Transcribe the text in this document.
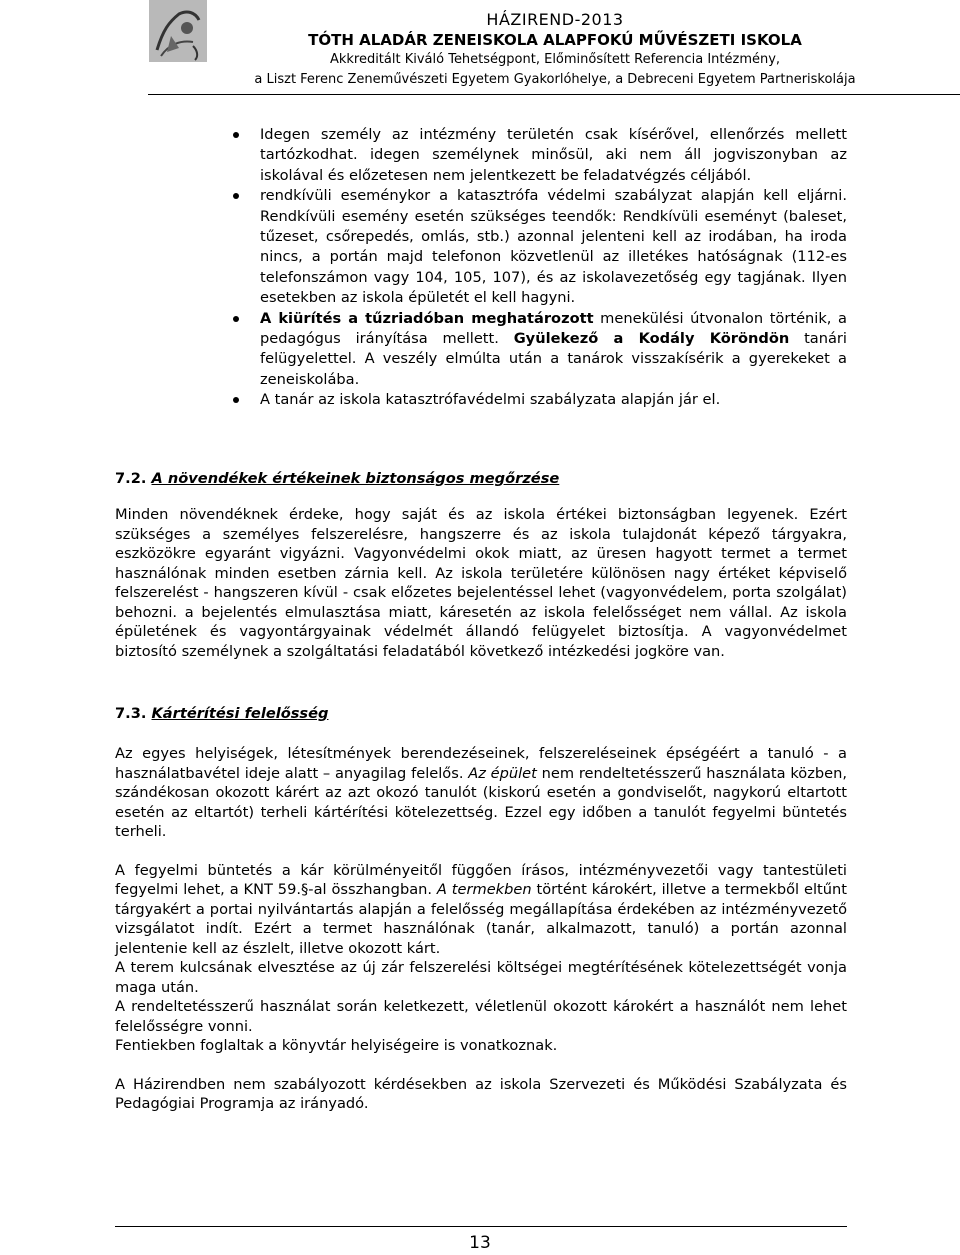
HÁZIREND-2013
TÓTH ALADÁR ZENEISKOLA ALAPFOKÚ MŰVÉSZETI ISKOLA
Akkreditált Kiváló Tehetségpont, Előminősített Referencia Intézmény,
a Liszt Ferenc Zeneművészeti Egyetem Gyakorlóhelye, a Debreceni Egyetem Partneriskolája
Idegen személy az intézmény területén csak kísérővel, ellenőrzés mellett tartózkodhat. idegen személynek minősül, aki nem áll jogviszonyban az iskolával és előzetesen nem jelentkezett be feladatvégzés céljából.
rendkívüli eseménykor a katasztrófa védelmi szabályzat alapján kell eljárni. Rendkívüli esemény esetén szükséges teendők: Rendkívüli eseményt (baleset, tűzeset, csőrepedés, omlás, stb.) azonnal jelenteni kell az irodában, ha iroda nincs, a portán majd telefonon közvetlenül az illetékes hatóságnak (112-es telefonszámon vagy 104, 105, 107), és az iskolavezetőség egy tagjának. Ilyen esetekben az iskola épületét el kell hagyni.
A kiürítés a tűzriadóban meghatározott menekülési útvonalon történik, a pedagógus irányítása mellett. Gyülekező a Kodály Köröndön tanári felügyelettel. A veszély elmúlta után a tanárok visszakísérik a gyerekeket a zeneiskolába.
A tanár az iskola katasztrófavédelmi szabályzata alapján jár el.
7.2. A növendékek értékeinek biztonságos megőrzése

Minden növendéknek érdeke, hogy saját és az iskola értékei biztonságban legyenek. Ezért szükséges a személyes felszerelésre, hangszerre és az iskola tulajdonát képező tárgyakra, eszközökre egyaránt vigyázni. Vagyonvédelmi okok miatt, az üresen hagyott termet a termet használónak minden esetben zárnia kell. Az iskola területére különösen nagy értéket képviselő felszerelést - hangszeren kívül - csak előzetes bejelentéssel lehet (vagyonvédelem, porta szolgálat) behozni. a bejelentés elmulasztása miatt, káresetén az iskola felelősséget nem vállal. Az iskola épületének és vagyontárgyainak védelmét állandó felügyelet biztosítja. A vagyonvédelmet biztosító személynek a szolgáltatási feladatából következő intézkedési jogköre van.

7.3. Kártérítési felelősség

Az egyes helyiségek, létesítmények berendezéseinek, felszereléseinek épségéért a tanuló - a használatbavétel ideje alatt – anyagilag felelős. Az épület nem rendeltetésszerű használata közben, szándékosan okozott kárért az azt okozó tanulót (kiskorú esetén a gondviselőt, nagykorú eltartott esetén az eltartót) terheli kártérítési kötelezettség. Ezzel egy időben a tanulót fegyelmi büntetés terheli.

A fegyelmi büntetés a kár körülményeitől függően írásos, intézményvezetői vagy tantestületi fegyelmi lehet, a KNT 59.§-al összhangban. A termekben történt károkért, illetve a termekből eltűnt tárgyakért a portai nyilvántartás alapján a felelősség megállapítása érdekében az intézményvezető vizsgálatot indít. Ezért a termet használónak (tanár, alkalmazott, tanuló) a portán azonnal jelentenie kell az észlelt, illetve okozott kárt.

A terem kulcsának elvesztése az új zár felszerelési költségei megtérítésének kötelezettségét vonja maga után.

A rendeltetésszerű használat során keletkezett, véletlenül okozott károkért a használót nem lehet felelősségre vonni.

Fentiekben foglaltak a könyvtár helyiségeire is vonatkoznak.

A Házirendben nem szabályozott kérdésekben az iskola Szervezeti és Működési Szabályzata és Pedagógiai Programja az irányadó.

13
